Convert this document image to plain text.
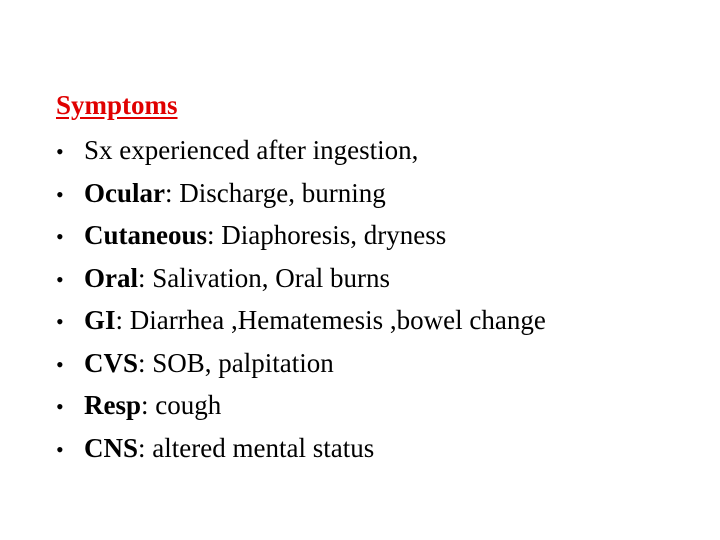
Symptoms
• Sx experienced after ingestion,
• Ocular : Discharge, burning
• Cutaneous : Diaphoresis, dryness
• Oral : Salivation, Oral burns
• GI : Diarrhea ,Hematemesis ,bowel change
• CVS : SOB, palpitation
• Resp : cough
• CNS : altered mental status
